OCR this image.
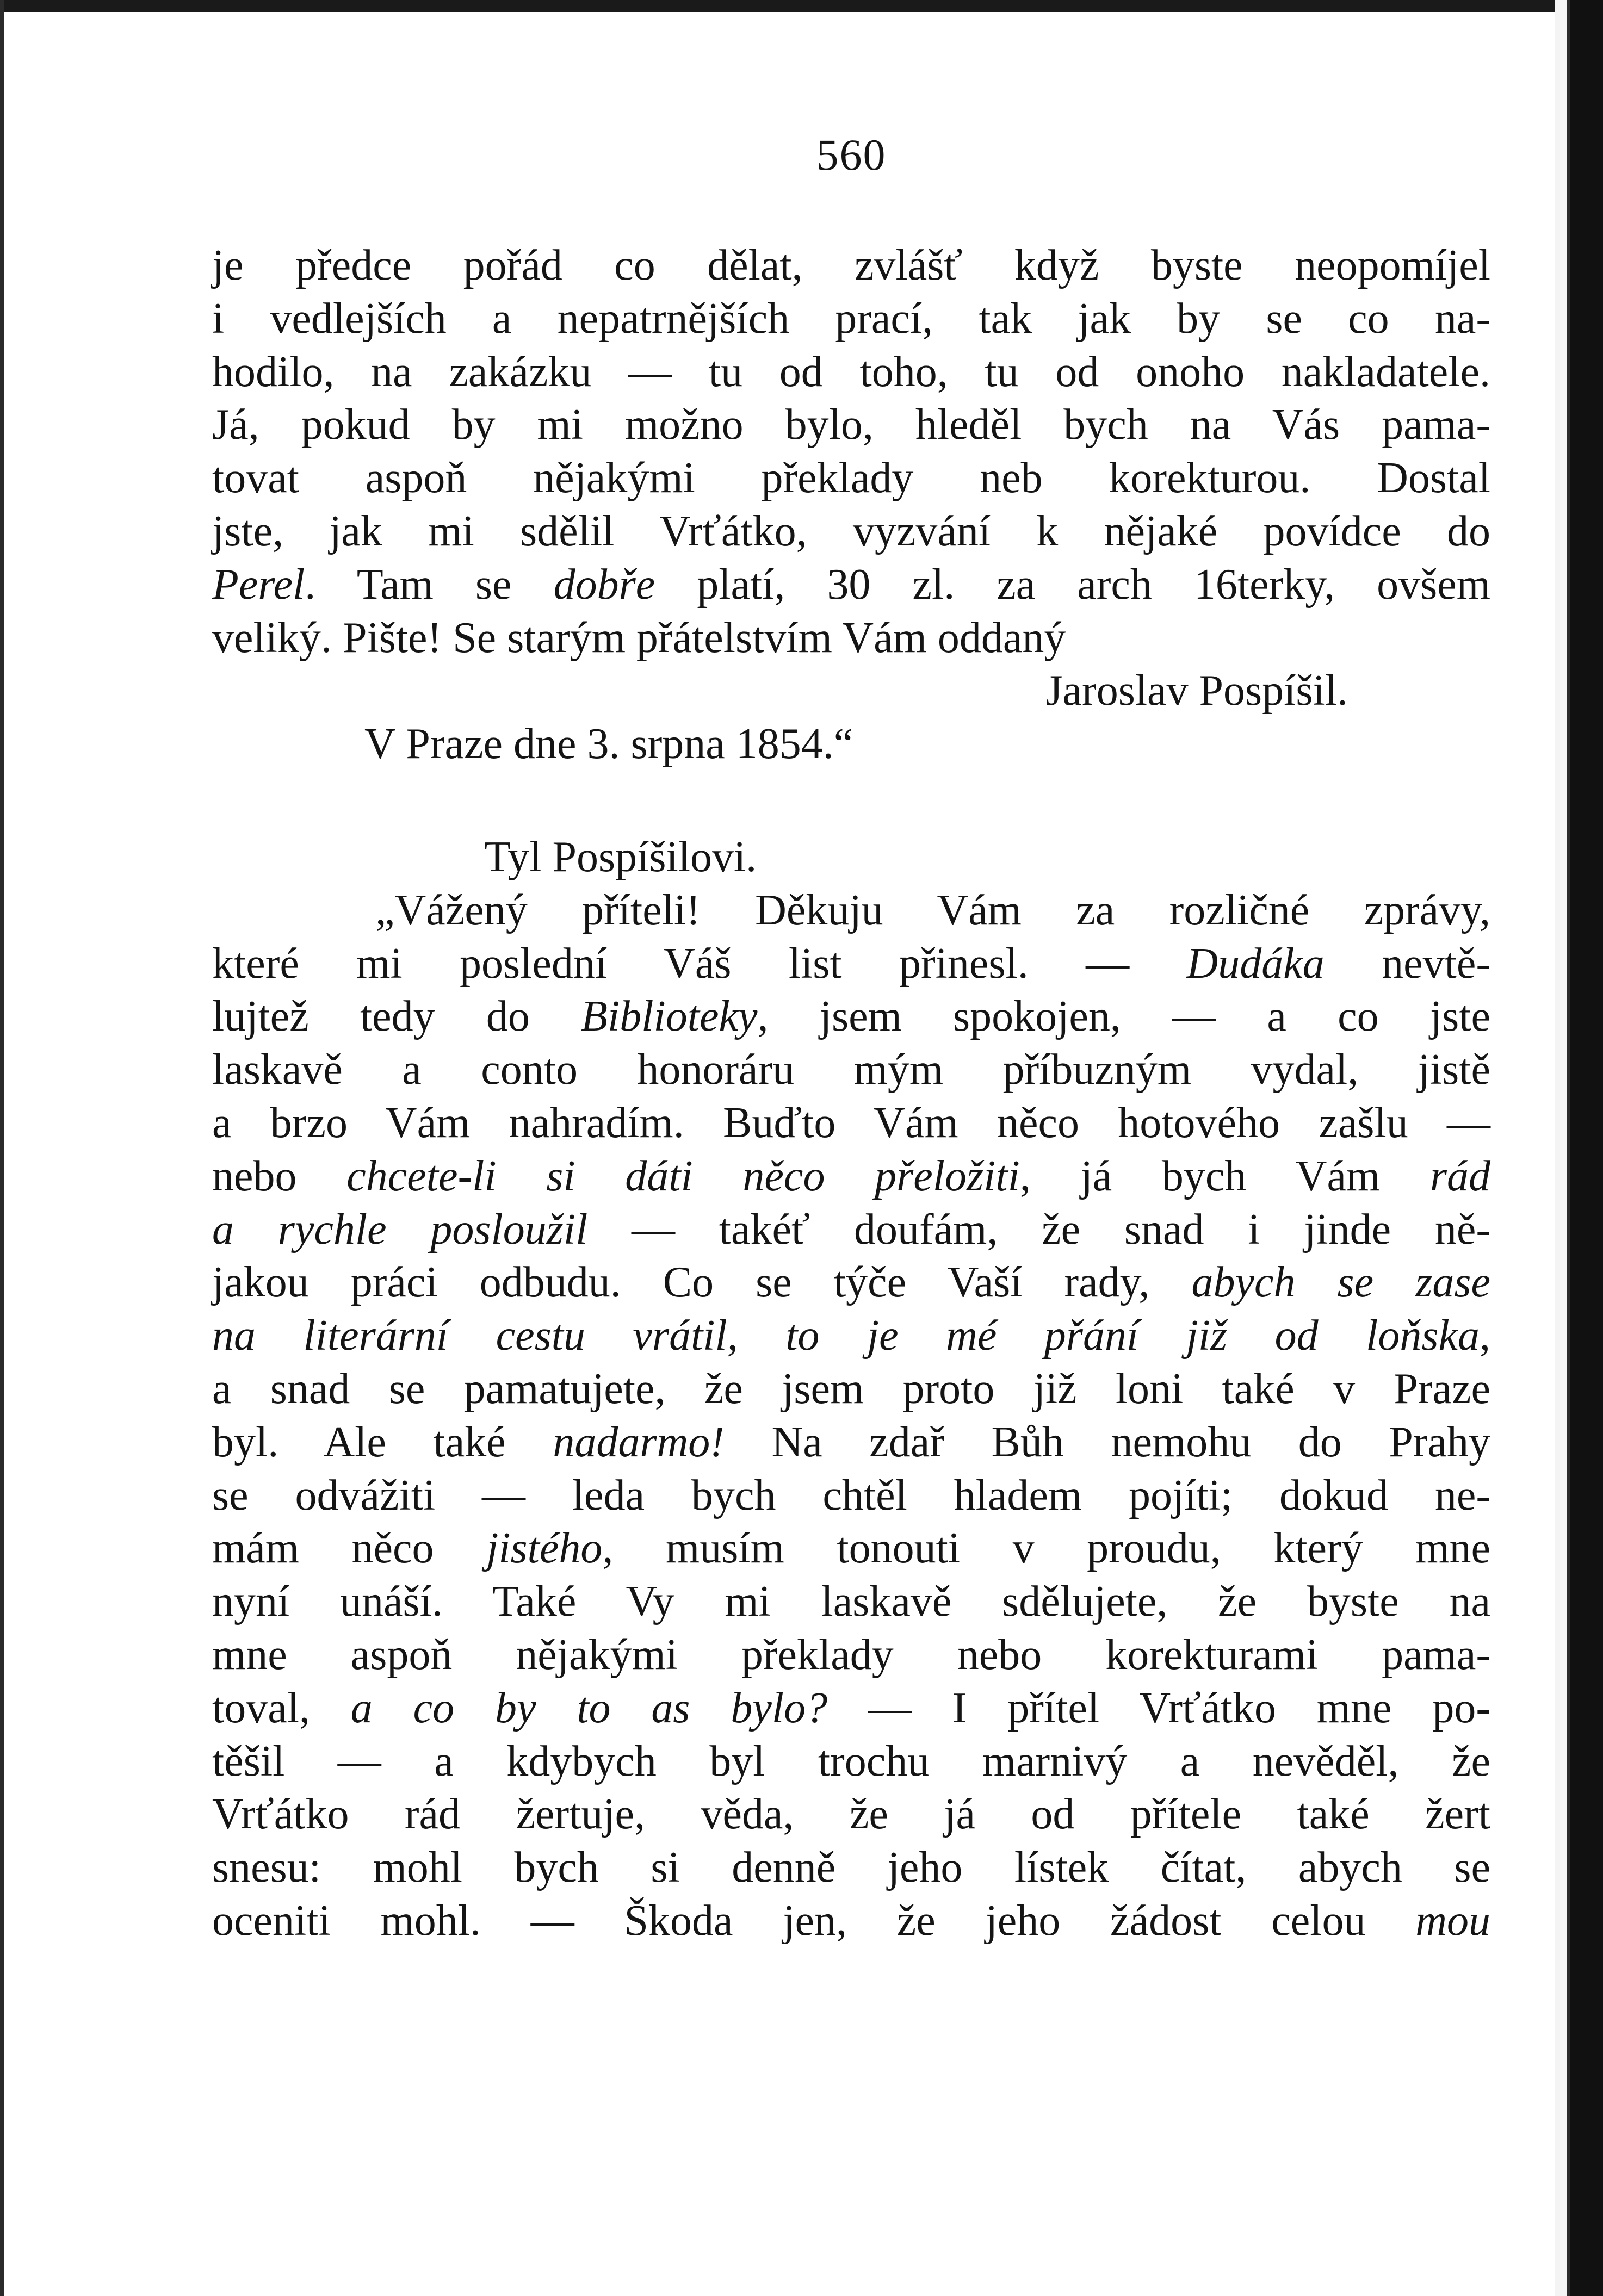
560
je předce pořád co dělat, zvlášť když byste neopomíjel
i vedlejších a nepatrnějších prací, tak jak by se co na-
hodilo, na zakázku — tu od toho, tu od onoho nakladatele.
Já, pokud by mi možno bylo, hleděl bych na Vás pama-
tovat aspoň nějakými překlady neb korekturou. Dostal
jste, jak mi sdělil Vrťátko, vyzvání k nějaké povídce do
Perel. Tam se dobře platí, 30 zl. za arch 16terky, ovšem
veliký. Pište! Se starým přátelstvím Vám oddaný
Jaroslav Pospíšil.
V Praze dne 3. srpna 1854.“
Tyl Pospíšilovi.
„Vážený příteli! Děkuju Vám za rozličné zprávy,
které mi poslední Váš list přinesl. — Dudáka nevtě-
lujtež tedy do Biblioteky, jsem spokojen, — a co jste
laskavě a conto honoráru mým příbuzným vydal, jistě
a brzo Vám nahradím. Buďto Vám něco hotového zašlu —
nebo chcete-li si dáti něco přeložiti, já bych Vám rád
a rychle posloužil — takéť doufám, že snad i jinde ně-
jakou práci odbudu. Co se týče Vaší rady, abych se zase
na literární cestu vrátil, to je mé přání již od loňska,
a snad se pamatujete, že jsem proto již loni také v Praze
byl. Ale také nadarmo! Na zdař Bůh nemohu do Prahy
se odvážiti — leda bych chtěl hladem pojíti; dokud ne-
mám něco jistého, musím tonouti v proudu, který mne
nyní unáší. Také Vy mi laskavě sdělujete, že byste na
mne aspoň nějakými překlady nebo korekturami pama-
toval, a co by to as bylo? — I přítel Vrťátko mne po-
těšil — a kdybych byl trochu marnivý a nevěděl, že
Vrťátko rád žertuje, věda, že já od přítele také žert
snesu: mohl bych si denně jeho lístek čítat, abych se
oceniti mohl. — Škoda jen, že jeho žádost celou mou
